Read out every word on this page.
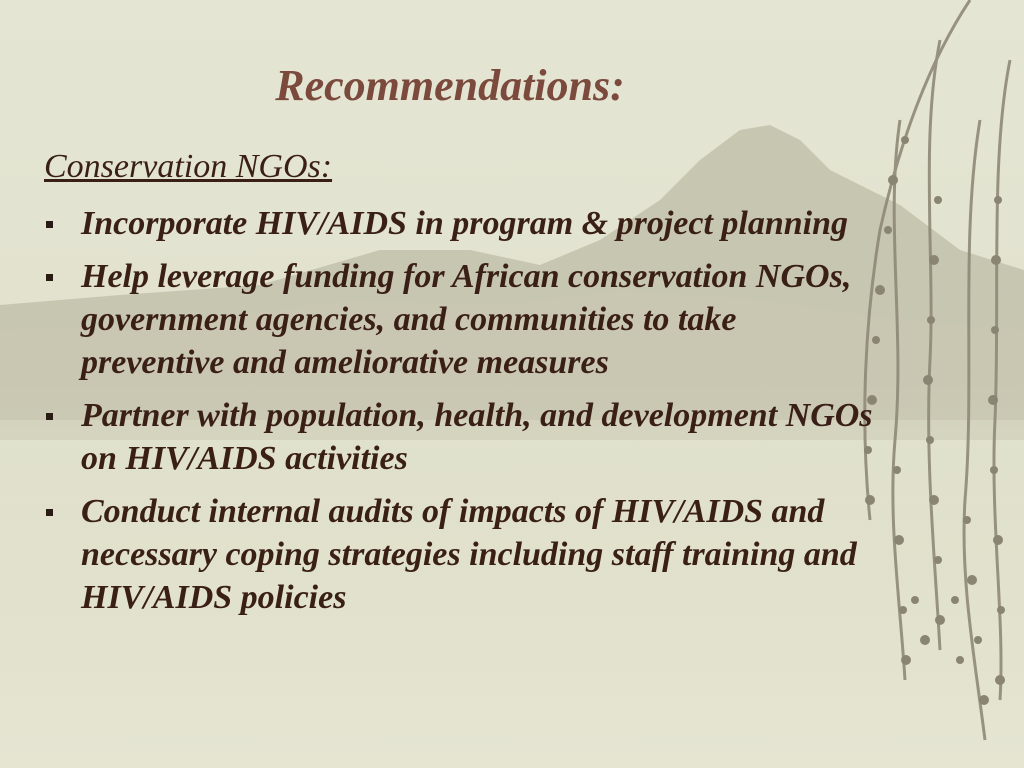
Recommendations:
Conservation NGOs:
Incorporate HIV/AIDS in program & project planning
Help leverage funding for African conservation NGOs, government agencies, and communities to take preventive and ameliorative measures
Partner with population, health, and development NGOs on HIV/AIDS activities
Conduct internal audits of impacts of HIV/AIDS and necessary coping strategies including staff training and HIV/AIDS policies
